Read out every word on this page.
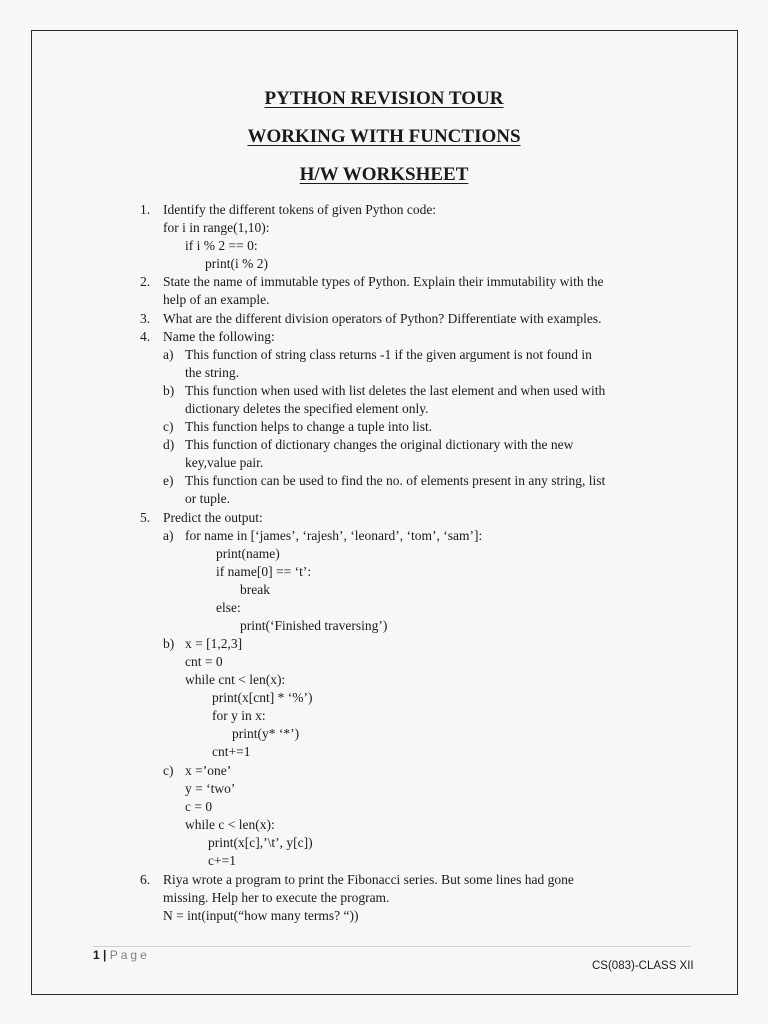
PYTHON REVISION TOUR
WORKING WITH FUNCTIONS
H/W WORKSHEET
1. Identify the different tokens of given Python code:
for i in range(1,10):
if i % 2 == 0:
print(i % 2)
2. State the name of immutable types of Python. Explain their immutability with the
help of an example.
3. What are the different division operators of Python? Differentiate with examples.
4. Name the following:
a) This function of string class returns -1 if the given argument is not found in
the string.
b) This function when used with list deletes the last element and when used with
dictionary deletes the specified element only.
c) This function helps to change a tuple into list.
d) This function of dictionary changes the original dictionary with the new
key,value pair.
e) This function can be used to find the no. of elements present in any string, list
or tuple.
5. Predict the output:
a) for name in [‘james’, ‘rajesh’, ‘leonard’, ‘tom’, ‘sam’]:
print(name)
if name[0] == ‘t’:
break
else:
print(‘Finished traversing’)
b) x = [1,2,3]
cnt = 0
while cnt < len(x):
print(x[cnt] * ‘%’)
for y in x:
print(y* ‘*’)
cnt+=1
c) x =’one’
y = ‘two’
c = 0
while c < len(x):
print(x[c],’\t’, y[c])
c+=1
6. Riya wrote a program to print the Fibonacci series. But some lines had gone
missing. Help her to execute the program.
N = int(input(“how many terms? “))
1 | Page
CS(083)-CLASS XII
